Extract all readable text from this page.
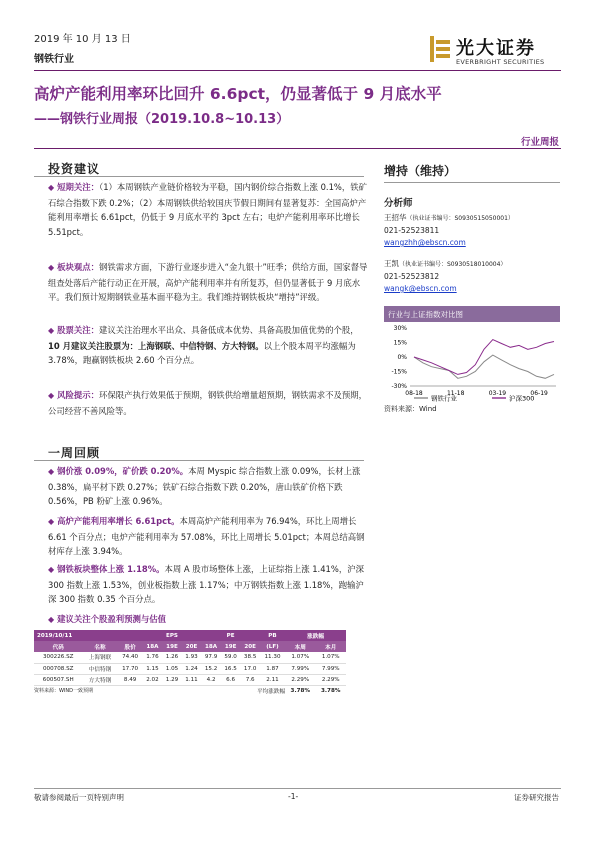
2019 年 10 月 13 日
钢铁行业
光大证券
EVERBRIGHT SECURITIES
高炉产能利用率环比回升 6.6pct，仍显著低于 9 月底水平
——钢铁行业周报（2019.10.8~10.13）
行业周报
投资建议
◆ 短期关注：（1）本周钢铁产业链价格较为平稳，国内钢价综合指数上涨 0.1%，铁矿石综合指数下跌 0.2%；（2）本周钢铁供给较国庆节假日期间有显著复苏：全国高炉产能利用率增长 6.61pct，仍低于 9 月底水平约 3pct 左右；电炉产能利用率环比增长 5.51pct。
◆ 板块观点：钢铁需求方面，下游行业逐步进入“金九银十”旺季；供给方面，国家督导组查处落后产能行动正在开展，高炉产能利用率并有所复苏，但仍显著低于 9 月底水平。我们预计短期钢铁业基本面平稳为主。我们维持钢铁板块“增持”评级。
◆ 股票关注：建议关注治理水平出众、具备低成本优势、具备高股加值优势的个股，10 月建议关注股票为：上海钢联、中信特钢、方大特钢。以上个股本周平均涨幅为 3.78%，跑赢钢铁板块 2.60 个百分点。
◆ 风险提示：环保限产执行效果低于预期，钢铁供给增量超预期，钢铁需求不及预期，公司经营不善风险等。
一周回顾
◆ 钢价涨 0.09%，矿价跌 0.20%。本周 Myspic 综合指数上涨 0.09%，长材上涨 0.38%，扁平材下跌 0.27%；铁矿石综合指数下跌 0.20%，唐山铁矿价格下跌 0.56%，PB 粉矿上涨 0.96%。
◆ 高炉产能利用率增长 6.61pct。本周高炉产能利用率为 76.94%，环比上周增长 6.61 个百分点；电炉产能利用率为 57.08%，环比上周增长 5.01pct；本周总结高钢材库存上涨 3.94%。
◆ 钢铁板块整体上涨 1.18%。本周 A 股市场整体上涨，上证综指上涨 1.41%，沪深 300 指数上涨 1.53%，创业板指数上涨 1.17%；中万钢铁指数上涨 1.18%，跑输沪深 300 指数 0.35 个百分点。
◆ 建议关注个股盈利预测与估值
2019/10/11			EPS			PE			PB	涨跌幅	
代码	名称	股价	18A	19E	20E	18A	19E	20E	(LF)	本周	本月
300226.SZ	上海钢联	74.40	1.76	1.26	1.93	97.9	59.0	38.5	11.30	1.07%	1.07%
000708.SZ	中信特钢	17.70	1.15	1.05	1.24	15.2	16.5	17.0	1.87	7.99%	7.99%
600507.SH	方大特钢	8.49	2.02	1.29	1.11	4.2	6.6	7.6	2.11	2.29%	2.29%
资料来源：WIND一致预期					平均涨跌幅					3.78%	3.78%
增持（维持）
分析师
王招华（执业证书编号：S0930515050001）
021-52523811
wangzhh@ebscn.com
王凯（执业证书编号：S0930518010004）
021-52523812
wangk@ebscn.com
行业与上证指数对比图
30%
15%
0%
-15%
-30%
08-18	11-18	03-19	06-19
钢铁行业	沪深300
资料来源：Wind
敬请参阅最后一页特别声明	-1-	证券研究报告
